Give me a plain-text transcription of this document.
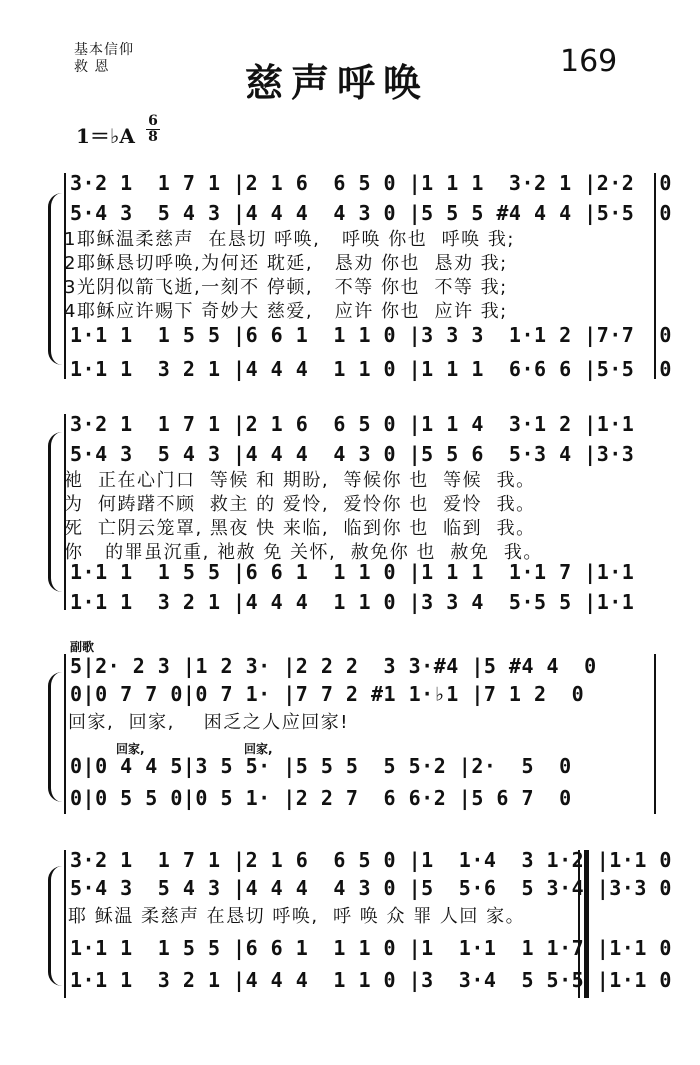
基本信仰
救 恩	慈声呼唤	169
1＝♭A
6
8
3·2 1  1 7 1 |2 1 6  6 5 0 |1 1 1  3·2 1 |2·2  0
5·4 3  5 4 3 |4 4 4  4 3 0 |5 5 5 #4 4 4 |5·5  0
1耶稣温柔慈声  在恳切 呼唤,   呼唤 你也  呼唤 我;
2耶稣恳切呼唤,为何还 耽延,   恳劝 你也  恳劝 我;
3光阴似箭飞逝,一刻不 停顿,   不等 你也  不等 我;
4耶稣应许赐下 奇妙大 慈爱,   应许 你也  应许 我;
1·1 1  1 5 5 |6 6 1  1 1 0 |3 3 3  1·1 2 |7·7  0
1·1 1  3 2 1 |4 4 4  1 1 0 |1 1 1  6·6 6 |5·5  0
3·2 1  1 7 1 |2 1 6  6 5 0 |1 1 4  3·1 2 |1·1
5·4 3  5 4 3 |4 4 4  4 3 0 |5 5 6  5·3 4 |3·3
祂  正在心门口  等候 和 期盼,  等候你 也  等候  我。
为  何踌躇不顾  救主 的 爱怜,  爱怜你 也  爱怜  我。
死  亡阴云笼罩, 黑夜 快 来临,  临到你 也  临到  我。
你   的罪虽沉重, 祂赦 免 关怀,  赦免你 也  赦免  我。
1·1 1  1 5 5 |6 6 1  1 1 0 |1 1 1  1·1 7 |1·1
1·1 1  3 2 1 |4 4 4  1 1 0 |3 3 4  5·5 5 |1·1
副歌
5|2· 2 3 |1 2 3· |2 2 2  3 3·#4 |5 #4 4  0
0|0 7 7 0|0 7 1· |7 7 2 #1 1·♭1 |7 1 2  0
回家,  回家,    困乏之人应回家!
回家,	回家,
0|0 4 4 5|3 5 5· |5 5 5  5 5·2 |2·  5  0
0|0 5 5 0|0 5 1· |2 2 7  6 6·2 |5 6 7  0
3·2 1  1 7 1 |2 1 6  6 5 0 |1  1·4  3 1·2 |1·1 0
5·4 3  5 4 3 |4 4 4  4 3 0 |5  5·6  5 3·4 |3·3 0
耶 稣温 柔慈声 在恳切 呼唤,  呼 唤 众 罪 人回 家。
1·1 1  1 5 5 |6 6 1  1 1 0 |1  1·1  1 1·7 |1·1 0
1·1 1  3 2 1 |4 4 4  1 1 0 |3  3·4  5 5·5 |1·1 0
